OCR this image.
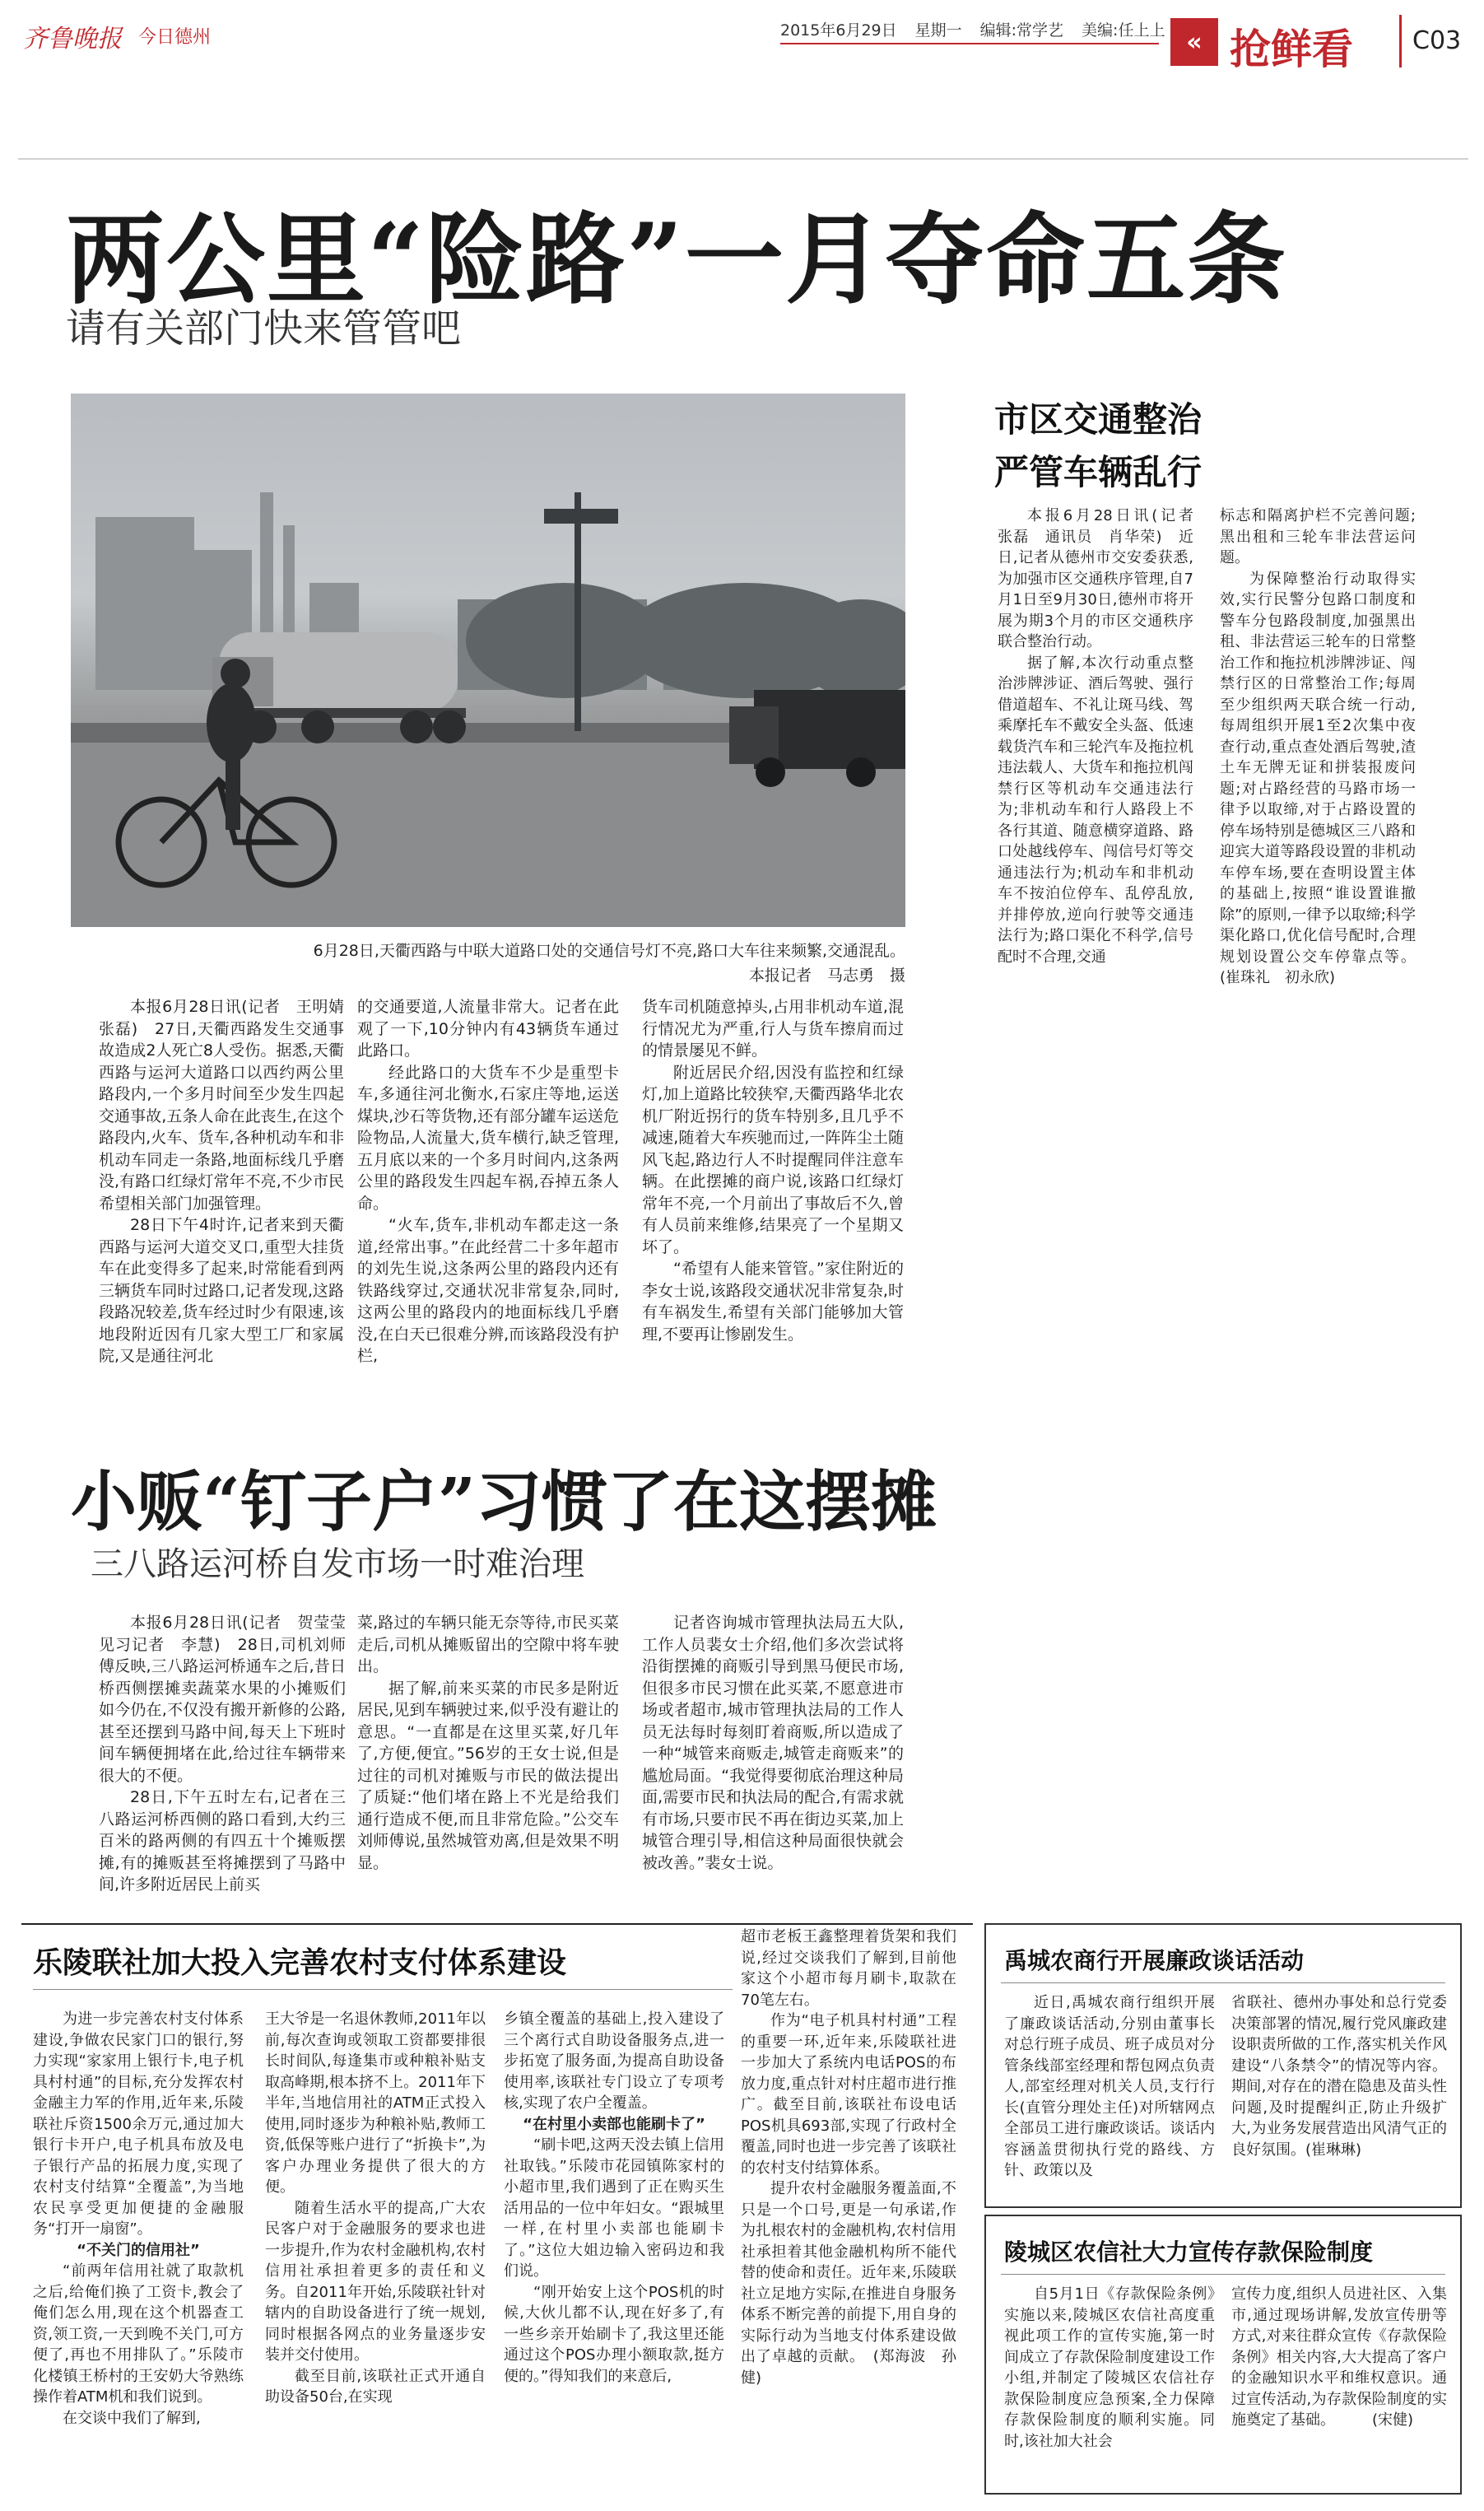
齐鲁晚报 今日德州	2015年6月29日 星期一 编辑:常学艺 美编:任上上 « 抢鲜看 C03
两公里“险路”一月夺命五条
请有关部门快来管管吧
6月28日,天衢西路与中联大道路口处的交通信号灯不亮,路口大车往来频繁,交通混乱。
本报记者　马志勇　摄

本报6月28日讯(记者　王明婧　张磊)　27日,天衢西路发生交通事故造成2人死亡8人受伤。据悉,天衢西路与运河大道路口以西约两公里路段内,一个多月时间至少发生四起交通事故,五条人命在此丧生,在这个路段内,火车、货车,各种机动车和非机动车同走一条路,地面标线几乎磨没,有路口红绿灯常年不亮,不少市民希望相关部门加强管理。

28日下午4时许,记者来到天衢西路与运河大道交叉口,重型大挂货车在此变得多了起来,时常能看到两三辆货车同时过路口,记者发现,这路段路况较差,货车经过时少有限速,该地段附近因有几家大型工厂和家属院,又是通往河北

的交通要道,人流量非常大。记者在此观了一下,10分钟内有43辆货车通过此路口。

经此路口的大货车不少是重型卡车,多通往河北衡水,石家庄等地,运送煤块,沙石等货物,还有部分罐车运送危险物品,人流量大,货车横行,缺乏管理,五月底以来的一个多月时间内,这条两公里的路段发生四起车祸,吞掉五条人命。

“火车,货车,非机动车都走这一条道,经常出事。”在此经营二十多年超市的刘先生说,这条两公里的路段内还有铁路线穿过,交通状况非常复杂,同时,这两公里的路段内的地面标线几乎磨没,在白天已很难分辨,而该路段没有护栏,

货车司机随意掉头,占用非机动车道,混行情况尤为严重,行人与货车擦肩而过的情景屡见不鲜。

附近居民介绍,因没有监控和红绿灯,加上道路比较狭窄,天衢西路华北农机厂附近拐行的货车特别多,且几乎不减速,随着大车疾驰而过,一阵阵尘土随风飞起,路边行人不时提醒同伴注意车辆。在此摆摊的商户说,该路口红绿灯常年不亮,一个月前出了事故后不久,曾有人员前来维修,结果亮了一个星期又坏了。

“希望有人能来管管。”家住附近的李女士说,该路段交通状况非常复杂,时有车祸发生,希望有关部门能够加大管理,不要再让惨剧发生。

市区交通整治
严管车辆乱行

本报6月28日讯(记者　张磊　通讯员　肖华荣)　近日,记者从德州市交安委获悉,为加强市区交通秩序管理,自7月1日至9月30日,德州市将开展为期3个月的市区交通秩序联合整治行动。

据了解,本次行动重点整治涉牌涉证、酒后驾驶、强行借道超车、不礼让斑马线、驾乘摩托车不戴安全头盔、低速载货汽车和三轮汽车及拖拉机违法载人、大货车和拖拉机闯禁行区等机动车交通违法行为;非机动车和行人路段上不各行其道、随意横穿道路、路口处越线停车、闯信号灯等交通违法行为;机动车和非机动车不按泊位停车、乱停乱放,并排停放,逆向行驶等交通违法行为;路口渠化不科学,信号配时不合理,交通

标志和隔离护栏不完善问题;黑出租和三轮车非法营运问题。

为保障整治行动取得实效,实行民警分包路口制度和警车分包路段制度,加强黑出租、非法营运三轮车的日常整治工作和拖拉机涉牌涉证、闯禁行区的日常整治工作;每周至少组织两天联合统一行动,每周组织开展1至2次集中夜查行动,重点查处酒后驾驶,渣土车无牌无证和拼装报废问题;对占路经营的马路市场一律予以取缔,对于占路设置的停车场特别是德城区三八路和迎宾大道等路段设置的非机动车停车场,要在查明设置主体的基础上,按照“谁设置谁撤除”的原则,一律予以取缔;科学渠化路口,优化信号配时,合理规划设置公交车停靠点等。(崔珠礼　初永欣)

小贩“钉子户”习惯了在这摆摊
三八路运河桥自发市场一时难治理

本报6月28日讯(记者　贺莹莹　见习记者　李慧)　28日,司机刘师傅反映,三八路运河桥通车之后,昔日桥西侧摆摊卖蔬菜水果的小摊贩们如今仍在,不仅没有搬开新修的公路,甚至还摆到马路中间,每天上下班时间车辆便拥堵在此,给过往车辆带来很大的不便。

28日,下午五时左右,记者在三八路运河桥西侧的路口看到,大约三百米的路两侧的有四五十个摊贩摆摊,有的摊贩甚至将摊摆到了马路中间,许多附近居民上前买

菜,路过的车辆只能无奈等待,市民买菜走后,司机从摊贩留出的空隙中将车驶出。

据了解,前来买菜的市民多是附近居民,见到车辆驶过来,似乎没有避让的意思。“一直都是在这里买菜,好几年了,方便,便宜。”56岁的王女士说,但是过往的司机对摊贩与市民的做法提出了质疑:“他们堵在路上不光是给我们通行造成不便,而且非常危险。”公交车刘师傅说,虽然城管劝离,但是效果不明显。

记者咨询城市管理执法局五大队,工作人员裴女士介绍,他们多次尝试将沿街摆摊的商贩引导到黑马便民市场,但很多市民习惯在此买菜,不愿意进市场或者超市,城市管理执法局的工作人员无法每时每刻盯着商贩,所以造成了一种“城管来商贩走,城管走商贩来”的尴尬局面。“我觉得要彻底治理这种局面,需要市民和执法局的配合,有需求就有市场,只要市民不再在街边买菜,加上城管合理引导,相信这种局面很快就会被改善。”裴女士说。

乐陵联社加大投入完善农村支付体系建设

为进一步完善农村支付体系建设,争做农民家门口的银行,努力实现“家家用上银行卡,电子机具村村通”的目标,充分发挥农村金融主力军的作用,近年来,乐陵联社斥资1500余万元,通过加大银行卡开户,电子机具布放及电子银行产品的拓展力度,实现了农村支付结算“全覆盖”,为当地农民享受更加便捷的金融服务“打开一扇窗”。

“不关门的信用社”

“前两年信用社就了取款机之后,给俺们换了工资卡,教会了俺们怎么用,现在这个机器查工资,领工资,一天到晚不关门,可方便了,再也不用排队了。”乐陵市化楼镇王桥村的王安奶大爷熟练操作着ATM机和我们说到。

在交谈中我们了解到,

王大爷是一名退休教师,2011年以前,每次查询或领取工资都要排很长时间队,每逢集市或种粮补贴支取高峰期,根本挤不上。2011年下半年,当地信用社的ATM正式投入使用,同时逐步为种粮补贴,教师工资,低保等账户进行了“折换卡”,为客户办理业务提供了很大的方便。

随着生活水平的提高,广大农民客户对于金融服务的要求也进一步提升,作为农村金融机构,农村信用社承担着更多的责任和义务。自2011年开始,乐陵联社针对辖内的自助设备进行了统一规划,同时根据各网点的业务量逐步安装并交付使用。

截至目前,该联社正式开通自助设备50台,在实现

乡镇全覆盖的基础上,投入建设了三个离行式自助设备服务点,进一步拓宽了服务面,为提高自助设备使用率,该联社专门设立了专项考核,实现了农户全覆盖。

“在村里小卖部也能刷卡了”

“刷卡吧,这两天没去镇上信用社取钱。”乐陵市花园镇陈家村的小超市里,我们遇到了正在购买生活用品的一位中年妇女。“跟城里一样,在村里小卖部也能刷卡了。”这位大姐边输入密码边和我们说。

“刚开始安上这个POS机的时候,大伙儿都不认,现在好多了,有一些乡亲开始刷卡了,我这里还能通过这个POS办理小额取款,挺方便的。”得知我们的来意后,

超市老板王鑫整理着货架和我们说,经过交谈我们了解到,目前他家这个小超市每月刷卡,取款在70笔左右。

作为“电子机具村村通”工程的重要一环,近年来,乐陵联社进一步加大了系统内电话POS的布放力度,重点针对村庄超市进行推广。截至目前,该联社布设电话POS机具693部,实现了行政村全覆盖,同时也进一步完善了该联社的农村支付结算体系。

提升农村金融服务覆盖面,不只是一个口号,更是一句承诺,作为扎根农村的金融机构,农村信用社承担着其他金融机构所不能代替的使命和责任。近年来,乐陵联社立足地方实际,在推进自身服务体系不断完善的前提下,用自身的实际行动为当地支付体系建设做出了卓越的贡献。　(郑海波　孙健)

禹城农商行开展廉政谈话活动

近日,禹城农商行组织开展了廉政谈话活动,分别由董事长对总行班子成员、班子成员对分管条线部室经理和帮包网点负责人,部室经理对机关人员,支行行长(直管分理处主任)对所辖网点全部员工进行廉政谈话。谈话内容涵盖贯彻执行党的路线、方针、政策以及

省联社、德州办事处和总行党委决策部署的情况,履行党风廉政建设职责所做的工作,落实机关作风建设“八条禁令”的情况等内容。期间,对存在的潜在隐患及苗头性问题,及时提醒纠正,防止升级扩大,为业务发展营造出风清气正的良好氛围。(崔琳琳)

陵城区农信社大力宣传存款保险制度

自5月1日《存款保险条例》实施以来,陵城区农信社高度重视此项工作的宣传实施,第一时间成立了存款保险制度建设工作小组,并制定了陵城区农信社存款保险制度应急预案,全力保障存款保险制度的顺利实施。同时,该社加大社会

宣传力度,组织人员进社区、入集市,通过现场讲解,发放宣传册等方式,对来往群众宣传《存款保险条例》相关内容,大大提高了客户的金融知识水平和维权意识。通过宣传活动,为存款保险制度的实施奠定了基础。　　　(宋健)
